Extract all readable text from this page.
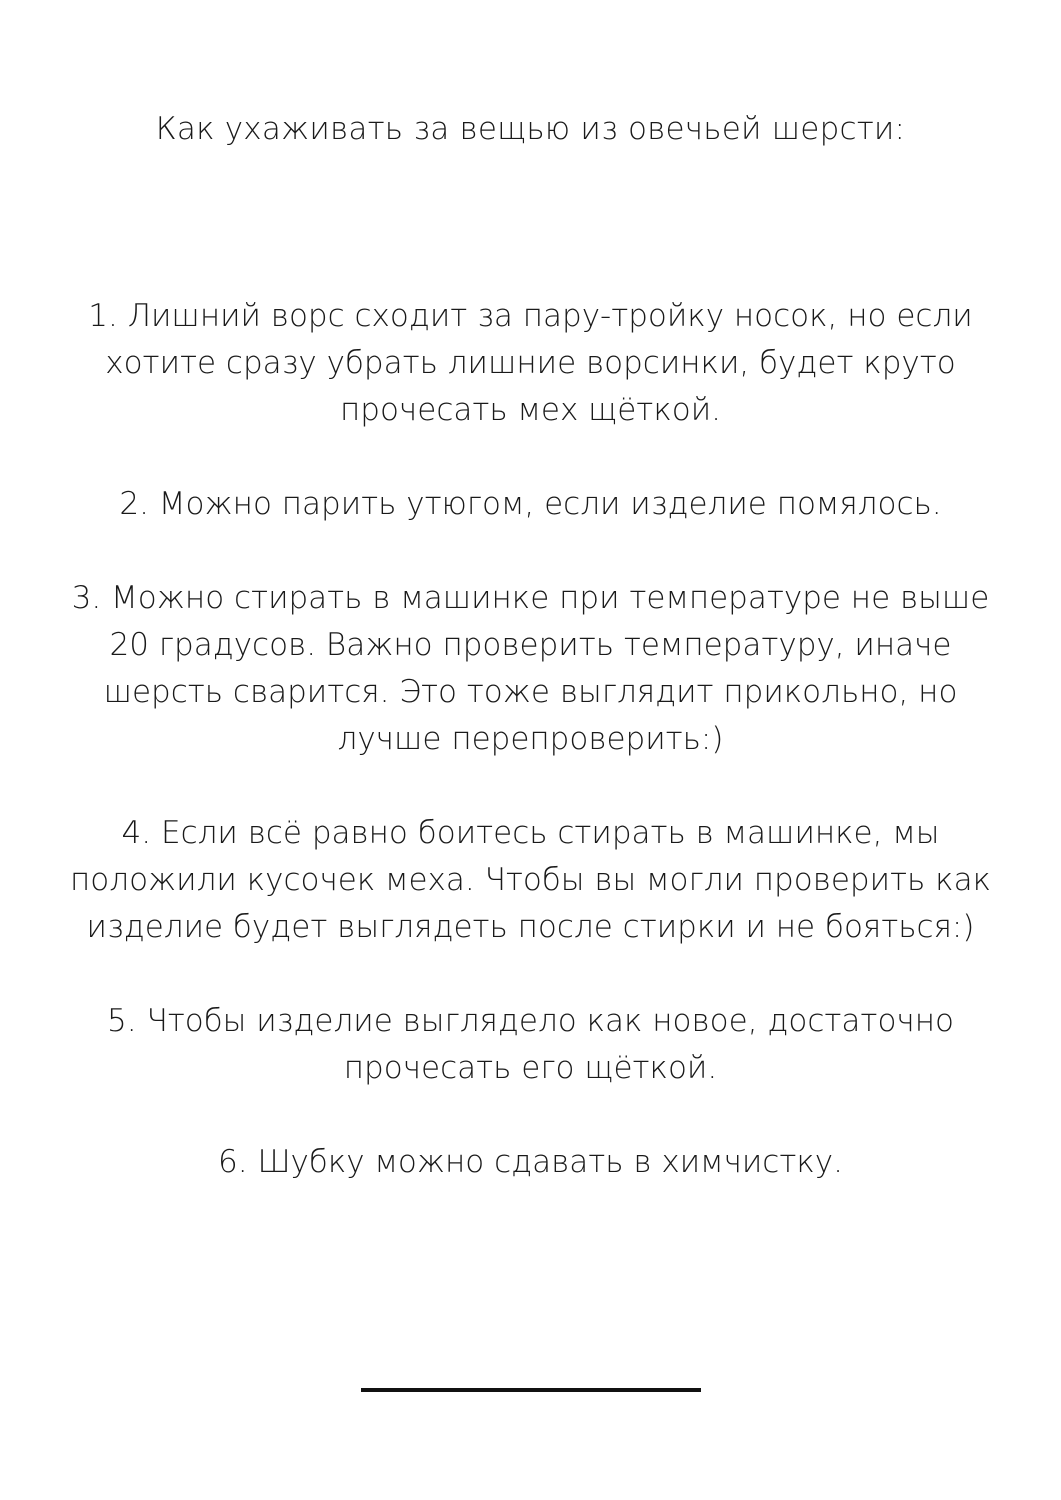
Как ухаживать за вещью из овечьей шерсти:
1. Лишний ворс сходит за пару-тройку носок, но если хотите сразу убрать лишние ворсинки, будет круто прочесать мех щёткой.
2. Можно парить утюгом, если изделие помялось.
3. Можно стирать в машинке при температуре не выше 20 градусов. Важно проверить температуру, иначе шерсть сварится. Это тоже выглядит прикольно, но лучше перепроверить:)
4. Если всё равно боитесь стирать в машинке, мы положили кусочек меха. Чтобы вы могли проверить как изделие будет выглядеть после стирки и не бояться:)
5. Чтобы изделие выглядело как новое, достаточно прочесать его щёткой.
6. Шубку можно сдавать в химчистку.
